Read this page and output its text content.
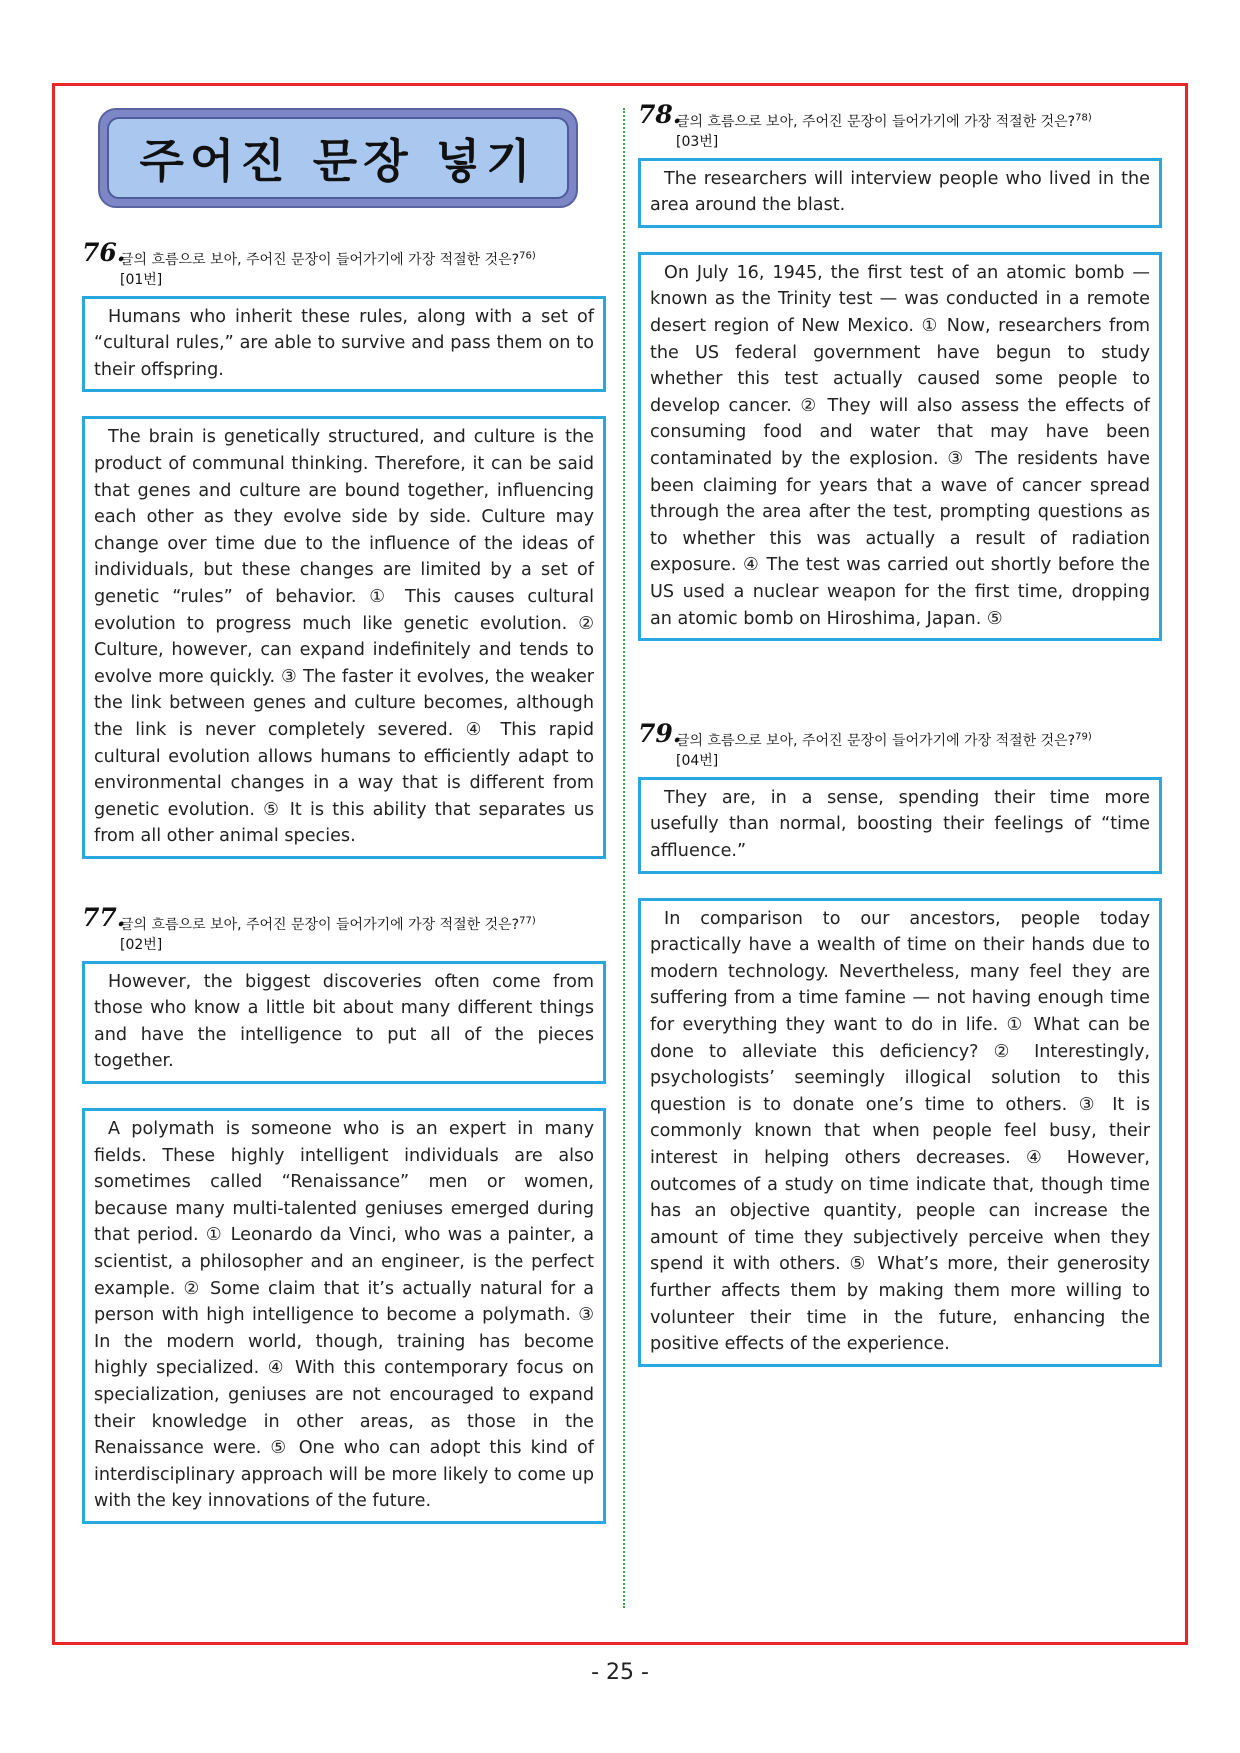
주어진 문장 넣기
76.
글의 흐름으로 보아, 주어진 문장이 들어가기에 가장 적절한 것은?$^{76)}$
[01번]
Humans who inherit these rules, along with a set of “cultural rules,” are able to survive and pass them on to their offspring.
The brain is genetically structured, and culture is the product of communal thinking. Therefore, it can be said that genes and culture are bound together, influencing each other as they evolve side by side. Culture may change over time due to the influence of the ideas of individuals, but these changes are limited by a set of genetic “rules” of behavior. ① This causes cultural evolution to progress much like genetic evolution. ② Culture, however, can expand indefinitely and tends to evolve more quickly. ③ The faster it evolves, the weaker the link between genes and culture becomes, although the link is never completely severed. ④ This rapid cultural evolution allows humans to efficiently adapt to environmental changes in a way that is different from genetic evolution. ⑤ It is this ability that separates us from all other animal species.
77.
글의 흐름으로 보아, 주어진 문장이 들어가기에 가장 적절한 것은?$^{77)}$
[02번]
However, the biggest discoveries often come from those who know a little bit about many different things and have the intelligence to put all of the pieces together.
A polymath is someone who is an expert in many fields. These highly intelligent individuals are also sometimes called “Renaissance” men or women, because many multi-talented geniuses emerged during that period. ① Leonardo da Vinci, who was a painter, a scientist, a philosopher and an engineer, is the perfect example. ② Some claim that it’s actually natural for a person with high intelligence to become a polymath. ③ In the modern world, though, training has become highly specialized. ④ With this contemporary focus on specialization, geniuses are not encouraged to expand their knowledge in other areas, as those in the Renaissance were. ⑤ One who can adopt this kind of interdisciplinary approach will be more likely to come up with the key innovations of the future.
78.
글의 흐름으로 보아, 주어진 문장이 들어가기에 가장 적절한 것은?$^{78)}$
[03번]
The researchers will interview people who lived in the area around the blast.
On July 16, 1945, the first test of an atomic bomb — known as the Trinity test — was conducted in a remote desert region of New Mexico. ① Now, researchers from the US federal government have begun to study whether this test actually caused some people to develop cancer. ② They will also assess the effects of consuming food and water that may have been contaminated by the explosion. ③ The residents have been claiming for years that a wave of cancer spread through the area after the test, prompting questions as to whether this was actually a result of radiation exposure. ④ The test was carried out shortly before the US used a nuclear weapon for the first time, dropping an atomic bomb on Hiroshima, Japan. ⑤
79.
글의 흐름으로 보아, 주어진 문장이 들어가기에 가장 적절한 것은?$^{79)}$
[04번]
They are, in a sense, spending their time more usefully than normal, boosting their feelings of “time affluence.”
In comparison to our ancestors, people today practically have a wealth of time on their hands due to modern technology. Nevertheless, many feel they are suffering from a time famine — not having enough time for everything they want to do in life. ① What can be done to alleviate this deficiency? ② Interestingly, psychologists’ seemingly illogical solution to this question is to donate one’s time to others. ③ It is commonly known that when people feel busy, their interest in helping others decreases. ④ However, outcomes of a study on time indicate that, though time has an objective quantity, people can increase the amount of time they subjectively perceive when they spend it with others. ⑤ What’s more, their generosity further affects them by making them more willing to volunteer their time in the future, enhancing the positive effects of the experience.
- 25 -
